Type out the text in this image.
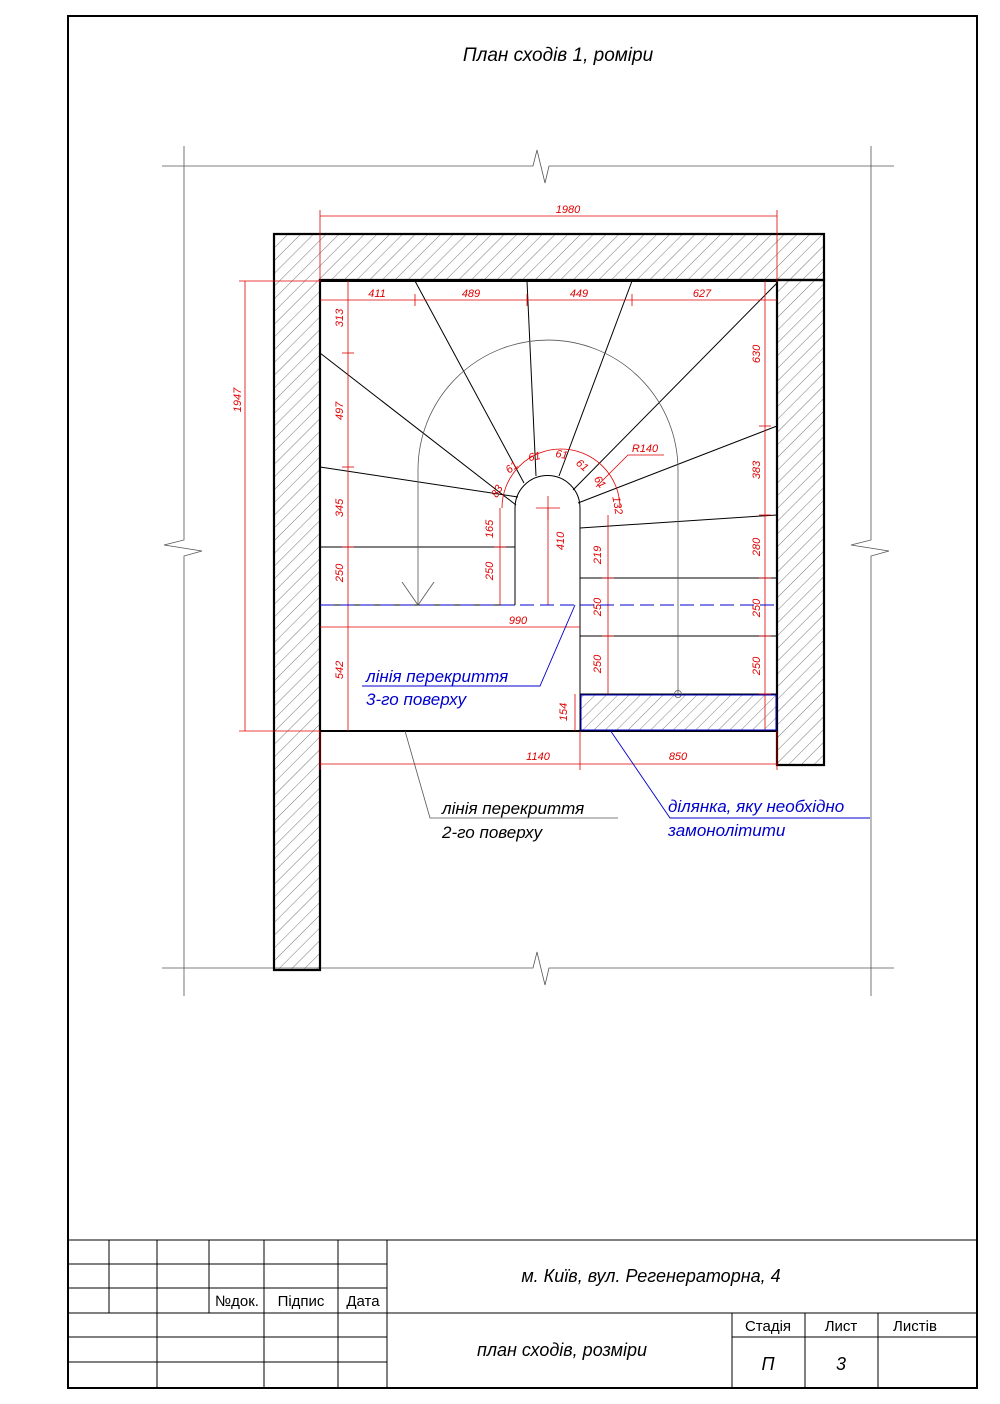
План сходів 1, роміри
1980
411	489	449	627
1947
313
497
345
250
542
630
383
280
250
250
165
250
410
219
250
250
154
83
61
61 61
61
61
132
R140
990
1140	850
лінія перекриття
3-го поверху
ділянка, яку необхідно
замонолітити
лінія перекриття
2-го поверху
№док. Підпис Дата
м. Київ, вул. Регенераторна, 4
план сходів, розміри
Стадія Лист Листів
П	3
